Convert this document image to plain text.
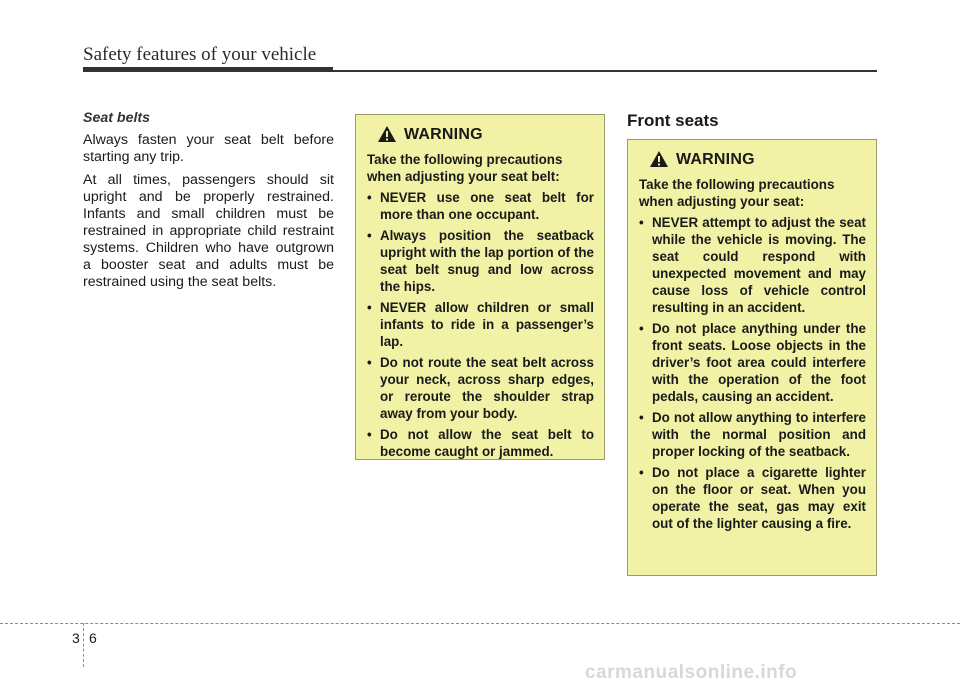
Safety features of your vehicle
Seat belts

Always fasten your seat belt before starting any trip.

At all times, passengers should sit upright and be properly restrained. Infants and small children must be restrained in appropriate child restraint systems. Children who have outgrown a booster seat and adults must be restrained using the seat belts.

WARNING
Take the following precautions when adjusting your seat belt:
• NEVER use one seat belt for more than one occupant.
• Always position the seatback upright with the lap portion of the seat belt snug and low across the hips.
• NEVER allow children or small infants to ride in a passenger’s lap.
• Do not route the seat belt across your neck, across sharp edges, or reroute the shoulder strap away from your body.
• Do not allow the seat belt to become caught or jammed.
Front seats
WARNING
Take the following precautions when adjusting your seat:
• NEVER attempt to adjust the seat while the vehicle is moving. The seat could respond with unexpected movement and may cause loss of vehicle control resulting in an accident.
• Do not place anything under the front seats. Loose objects in the driver’s foot area could interfere with the operation of the foot pedals, causing an accident.
• Do not allow anything to interfere with the normal position and proper locking of the seatback.
• Do not place a cigarette lighter on the floor or seat. When you operate the seat, gas may exit out of the lighter causing a fire.
3 6
carmanualsonline.info
